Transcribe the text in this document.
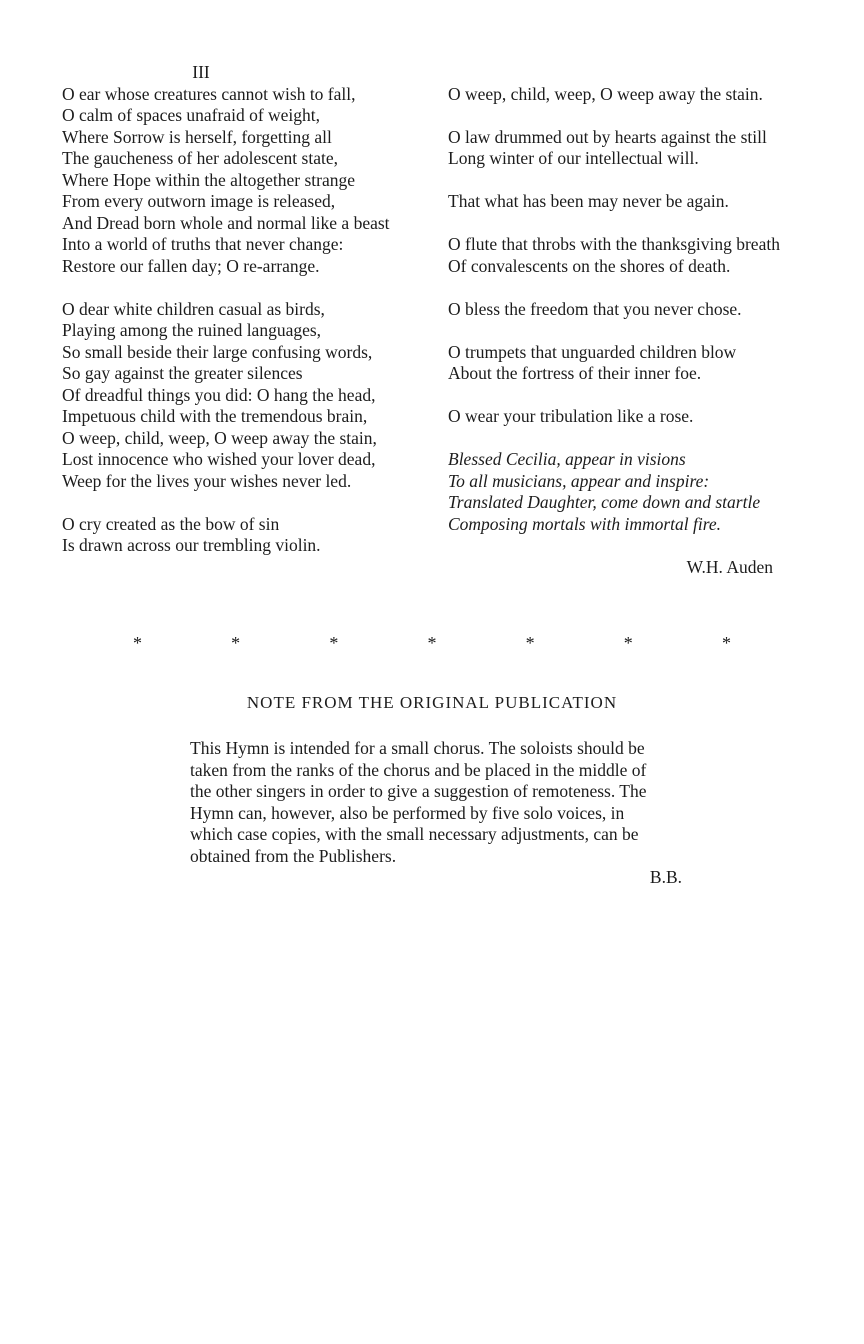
III
O ear whose creatures cannot wish to fall,
O calm of spaces unafraid of weight,
Where Sorrow is herself, forgetting all
The gaucheness of her adolescent state,
Where Hope within the altogether strange
From every outworn image is released,
And Dread born whole and normal like a beast
Into a world of truths that never change:
Restore our fallen day; O re-arrange.
O dear white children casual as birds,
Playing among the ruined languages,
So small beside their large confusing words,
So gay against the greater silences
Of dreadful things you did: O hang the head,
Impetuous child with the tremendous brain,
O weep, child, weep, O weep away the stain,
Lost innocence who wished your lover dead,
Weep for the lives your wishes never led.
O cry created as the bow of sin
Is drawn across our trembling violin.
O weep, child, weep, O weep away the stain.
O law drummed out by hearts against the still
Long winter of our intellectual will.
That what has been may never be again.
O flute that throbs with the thanksgiving breath
Of convalescents on the shores of death.
O bless the freedom that you never chose.
O trumpets that unguarded children blow
About the fortress of their inner foe.
O wear your tribulation like a rose.
Blessed Cecilia, appear in visions
To all musicians, appear and inspire:
Translated Daughter, come down and startle
Composing mortals with immortal fire.
W.H. Auden
*	*	*	*	*	*	*
NOTE FROM THE ORIGINAL PUBLICATION
This Hymn is intended for a small chorus. The soloists should be
taken from the ranks of the chorus and be placed in the middle of
the other singers in order to give a suggestion of remoteness. The
Hymn can, however, also be performed by five solo voices, in
which case copies, with the small necessary adjustments, can be
obtained from the Publishers.
B.B.
